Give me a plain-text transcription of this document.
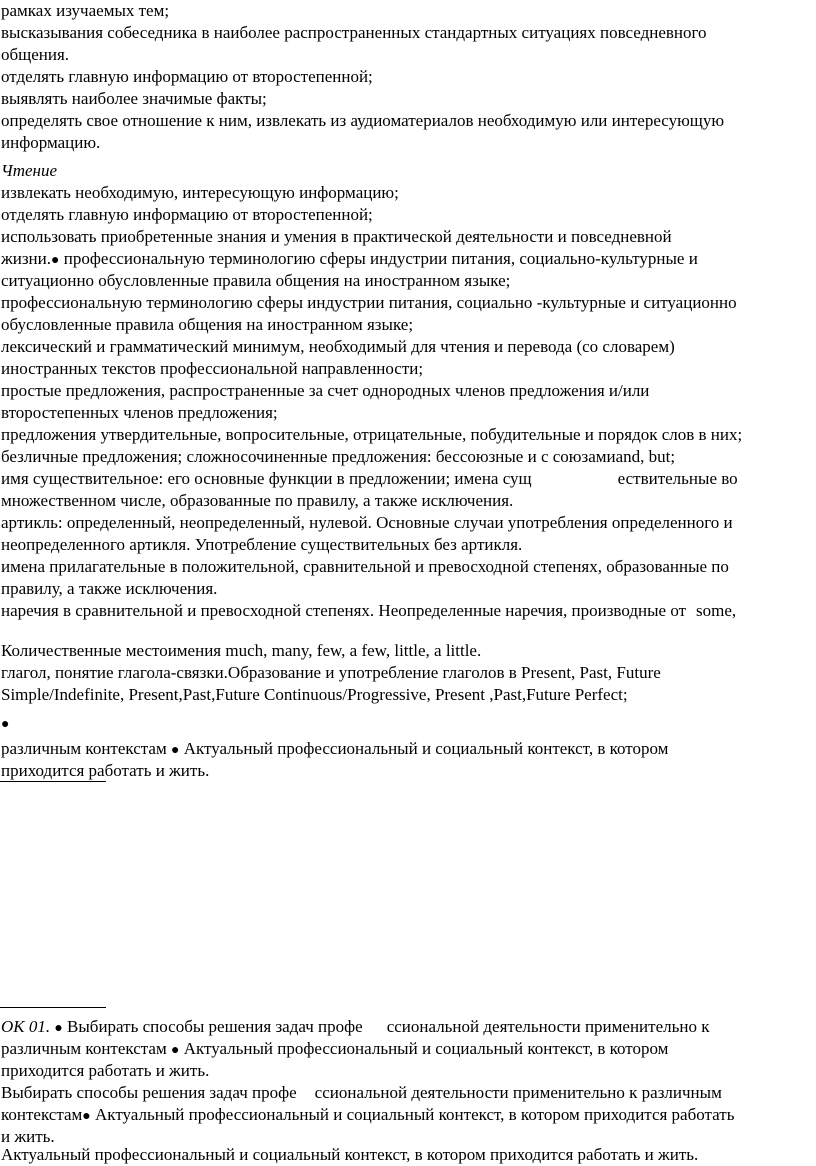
рамках изучаемых тем;

высказывания собеседника в наиболее распространенных стандартных ситуациях повседневного

общения.

отделять главную информацию от второстепенной;

выявлять наиболее значимые факты;

определять свое отношение к ним, извлекать из аудиоматериалов необходимую или интересующую

информацию.

Чтение

извлекать необходимую, интересующую информацию;

отделять главную информацию от второстепенной;

использовать приобретенные знания и умения в практической деятельности и повседневной

жизни.● профессиональную терминологию сферы индустрии питания, социально-культурные и

ситуационно обусловленные правила общения на иностранном языке;

профессиональную терминологию сферы индустрии питания, социально -культурные и ситуационно

обусловленные правила общения на иностранном языке;

лексический и грамматический минимум, необходимый для чтения и перевода (со словарем)

иностранных текстов профессиональной направленности;

простые предложения, распространенные за счет однородных членов предложения и/или

второстепенных членов предложения;

предложения утвердительные, вопросительные, отрицательные, побудительные и порядок слов в них;

безличные предложения; сложносочиненные предложения: бессоюзные и с союзамиand, but;

имя существительное: его основные функции в предложении; имена сущ	ествительные во

множественном числе, образованные по правилу, а также исключения.

артикль: определенный, неопределенный, нулевой. Основные случаи употребления определенного и

неопределенного артикля. Употребление существительных без артикля.

имена прилагательные в положительной, сравнительной и превосходной степенях, образованные по

правилу, а также исключения.

наречия в сравнительной и превосходной степенях. Неопределенные наречия, производные от some,

Количественные местоимения much, many, few, a few, little, a little.

глагол, понятие глагола-связки.Образование и употребление глаголов в Present, Past, Future

Simple/Indefinite, Present,Past,Future Continuous/Progressive, Present ,Past,Future Perfect;

●

различным контекстам ● Актуальный профессиональный и социальный контекст, в котором

приходится работать и жить.

ОК 01. ● Выбирать способы решения задач профе ссиональной деятельности применительно к

различным контекстам ● Актуальный профессиональный и социальный контекст, в котором

приходится работать и жить.

Выбирать способы решения задач профе ссиональной деятельности применительно к различным

контекстам● Актуальный профессиональный и социальный контекст, в котором приходится работать

и жить.

Актуальный профессиональный и социальный контекст, в котором приходится работать и жить.
